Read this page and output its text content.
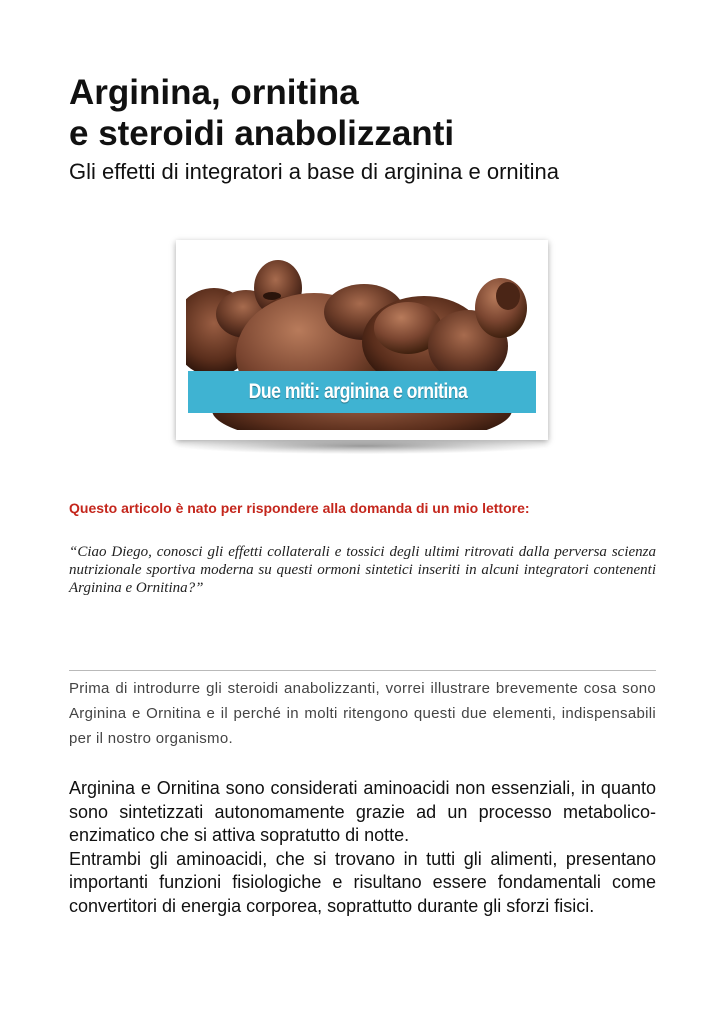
Arginina, ornitina
e steroidi anabolizzanti
Gli effetti di integratori a base di arginina e ornitina
Due miti: arginina e ornitina

Questo articolo è nato per rispondere alla domanda di un mio lettore:

“Ciao Diego, conosci gli effetti collaterali e tossici degli ultimi ritrovati dalla perversa scienza nutrizionale sportiva moderna su questi ormoni sintetici inseriti in alcuni integratori contenenti Arginina e Ornitina?”

Prima di introdurre gli steroidi anabolizzanti, vorrei illustrare brevemente cosa sono Arginina e Ornitina e il perché in molti ritengono questi due elementi, indispensabili per il nostro organismo.

Arginina e Ornitina sono considerati aminoacidi non essenziali, in quanto sono sintetizzati autonomamente grazie ad un processo metabolico-enzimatico che si attiva sopratutto di notte.

Entrambi gli aminoacidi, che si trovano in tutti gli alimenti, presentano importanti funzioni fisiologiche e risultano essere fondamentali come convertitori di energia corporea, soprattutto durante gli sforzi fisici.
